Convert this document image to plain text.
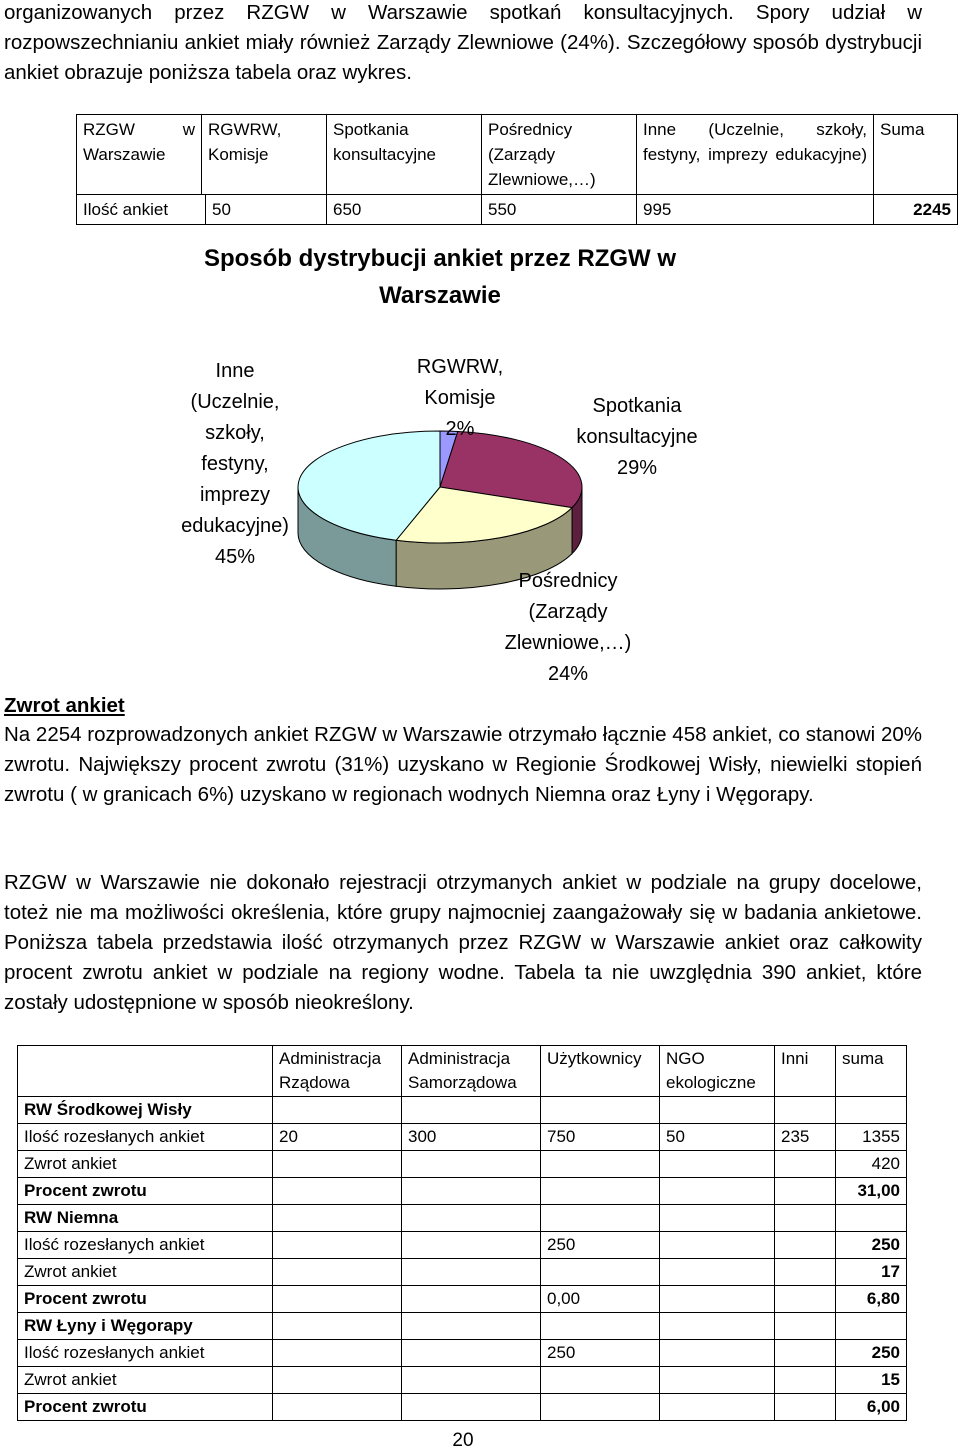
organizowanych przez RZGW w Warszawie spotkań konsultacyjnych. Spory udział w rozpowszechnianiu ankiet miały również Zarządy Zlewniowe (24%). Szczegółowy sposób dystrybucji ankiet obrazuje poniższa tabela oraz wykres.

RZGW w Warszawie	RGWRW, Komisje	Spotkania konsultacyjne	Pośrednicy (Zarządy Zlewniowe,…)	Inne (Uczelnie, szkoły, festyny, imprezy edukacyjne)	Suma

Ilość ankiet 50		650	550	995	2245
Sposób dystrybucji ankiet przez RZGW w Warszawie
Inne (Uczelnie, szkoły, festyny, imprezy edukacyjne)
45%
RGWRW, Komisje
2%
Spotkania konsultacyjne
29%
Pośrednicy (Zarządy Zlewniowe,…)
24%
Zwrot ankiet

Na 2254 rozprowadzonych ankiet RZGW w Warszawie otrzymało łącznie 458 ankiet, co stanowi 20% zwrotu. Największy procent zwrotu (31%) uzyskano w Regionie Środkowej Wisły, niewielki stopień zwrotu ( w granicach 6%) uzyskano w regionach wodnych Niemna oraz Łyny i Węgorapy.

RZGW w Warszawie nie dokonało rejestracji otrzymanych ankiet w podziale na grupy docelowe, toteż nie ma możliwości określenia, które grupy najmocniej zaangażowały się w badania ankietowe. Poniższa tabela przedstawia ilość otrzymanych przez RZGW w Warszawie ankiet oraz całkowity procent zwrotu ankiet w podziale na regiony wodne. Tabela ta nie uwzględnia 390 ankiet, które zostały udostępnione w sposób nieokreślony.

	Administracja Rządowa	Administracja Samorządowa	Użytkownicy	NGO ekologiczne	Inni	suma
RW Środkowej Wisły						
Ilość rozesłanych ankiet	20	300	750	50	235	1355
Zwrot ankiet						420
Procent zwrotu						31,00
RW Niemna						
Ilość rozesłanych ankiet			250			250
Zwrot ankiet						17
Procent zwrotu			0,00			6,80
RW Łyny i Węgorapy						
Ilość rozesłanych ankiet			250			250
Zwrot ankiet						15
Procent zwrotu						6,00
20
